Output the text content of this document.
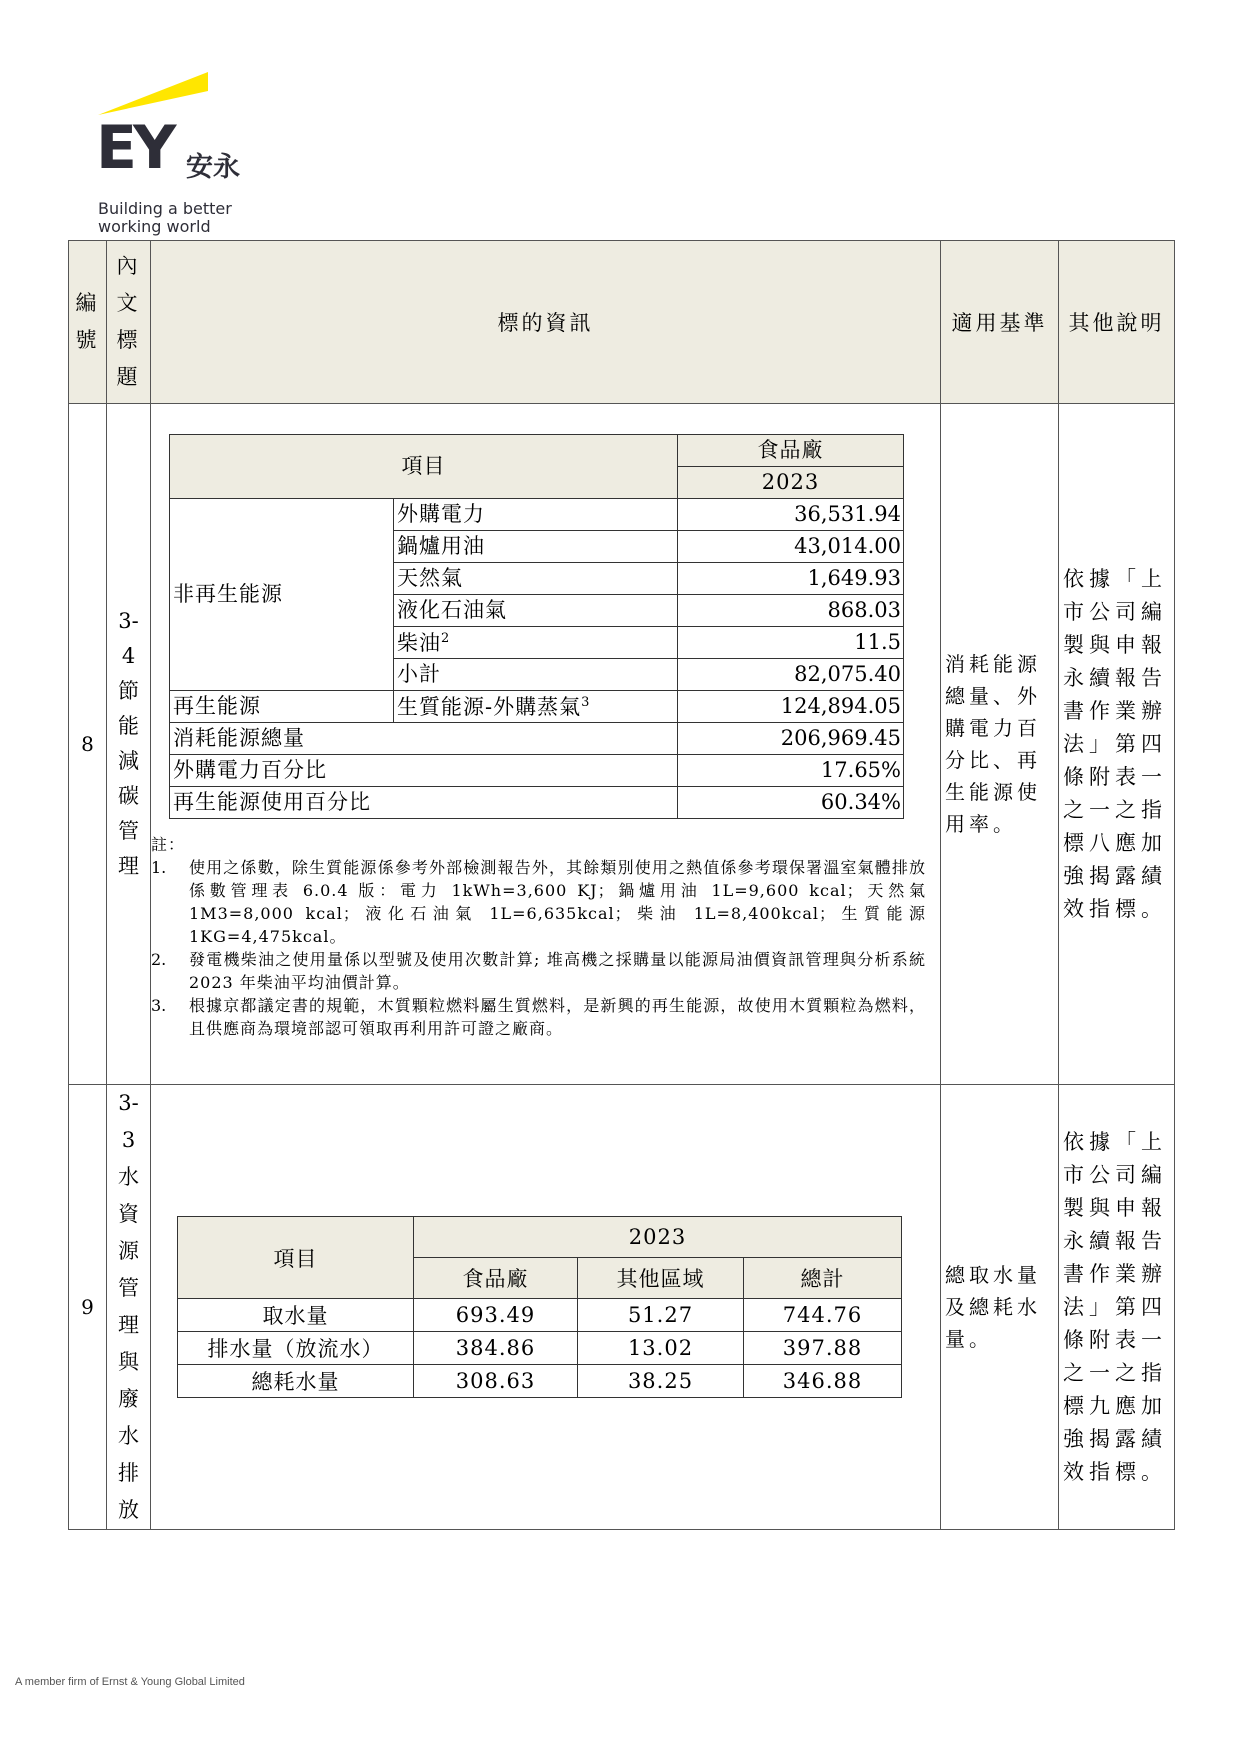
EY 安永
Building a better
working world
編號

內文標題
	標的資訊	適用基準	其他說明
8	
3-4節能減碳管理

項目	食品廠
2023
非再生能源	外購電力	36,531.94
鍋爐用油	43,014.00
天然氣	1,649.93
液化石油氣	868.03
柴油$^2$	11.5
小計	82,075.40
再生能源	生質能源-外購蒸氣$^3$	124,894.05
消耗能源總量	206,969.45
外購電力百分比	17.65%
再生能源使用百分比	60.34%
註：
1.	使用之係數，除生質能源係參考外部檢測報告外，其餘類別使用之熱值係參考環保署溫室氣體排放係數管理表 6.0.4 版：電力 1kWh=3,600 KJ；鍋爐用油 1L=9,600 kcal；天然氣 1M3=8,000 kcal；液化石油氣 1L=6,635kcal；柴油 1L=8,400kcal；生質能源 1KG=4,475kcal。
2.	發電機柴油之使用量係以型號及使用次數計算; 堆高機之採購量以能源局油價資訊管理與分析系統 2023 年柴油平均油價計算。
3.	根據京都議定書的規範，木質顆粒燃料屬生質燃料，是新興的再生能源，故使用木質顆粒為燃料，且供應商為環境部認可領取再利用許可證之廠商。
	消耗能源總量、外購電力百分比、再生能源使用率。	依據「上市公司編製與申報永續報告書作業辦法」第四條附表一之一之指標八應加強揭露績效指標。
9	
3-3水資源管理與廢水排放

項目	2023
食品廠	其他區域	總計
取水量	693.49	51.27	744.76
排水量（放流水）	384.86	13.02	397.88
總耗水量	308.63	38.25	346.88
	總取水量及總耗水量。	依據「上市公司編製與申報永續報告書作業辦法」第四條附表一之一之指標九應加強揭露績效指標。
A member firm of Ernst & Young Global Limited
